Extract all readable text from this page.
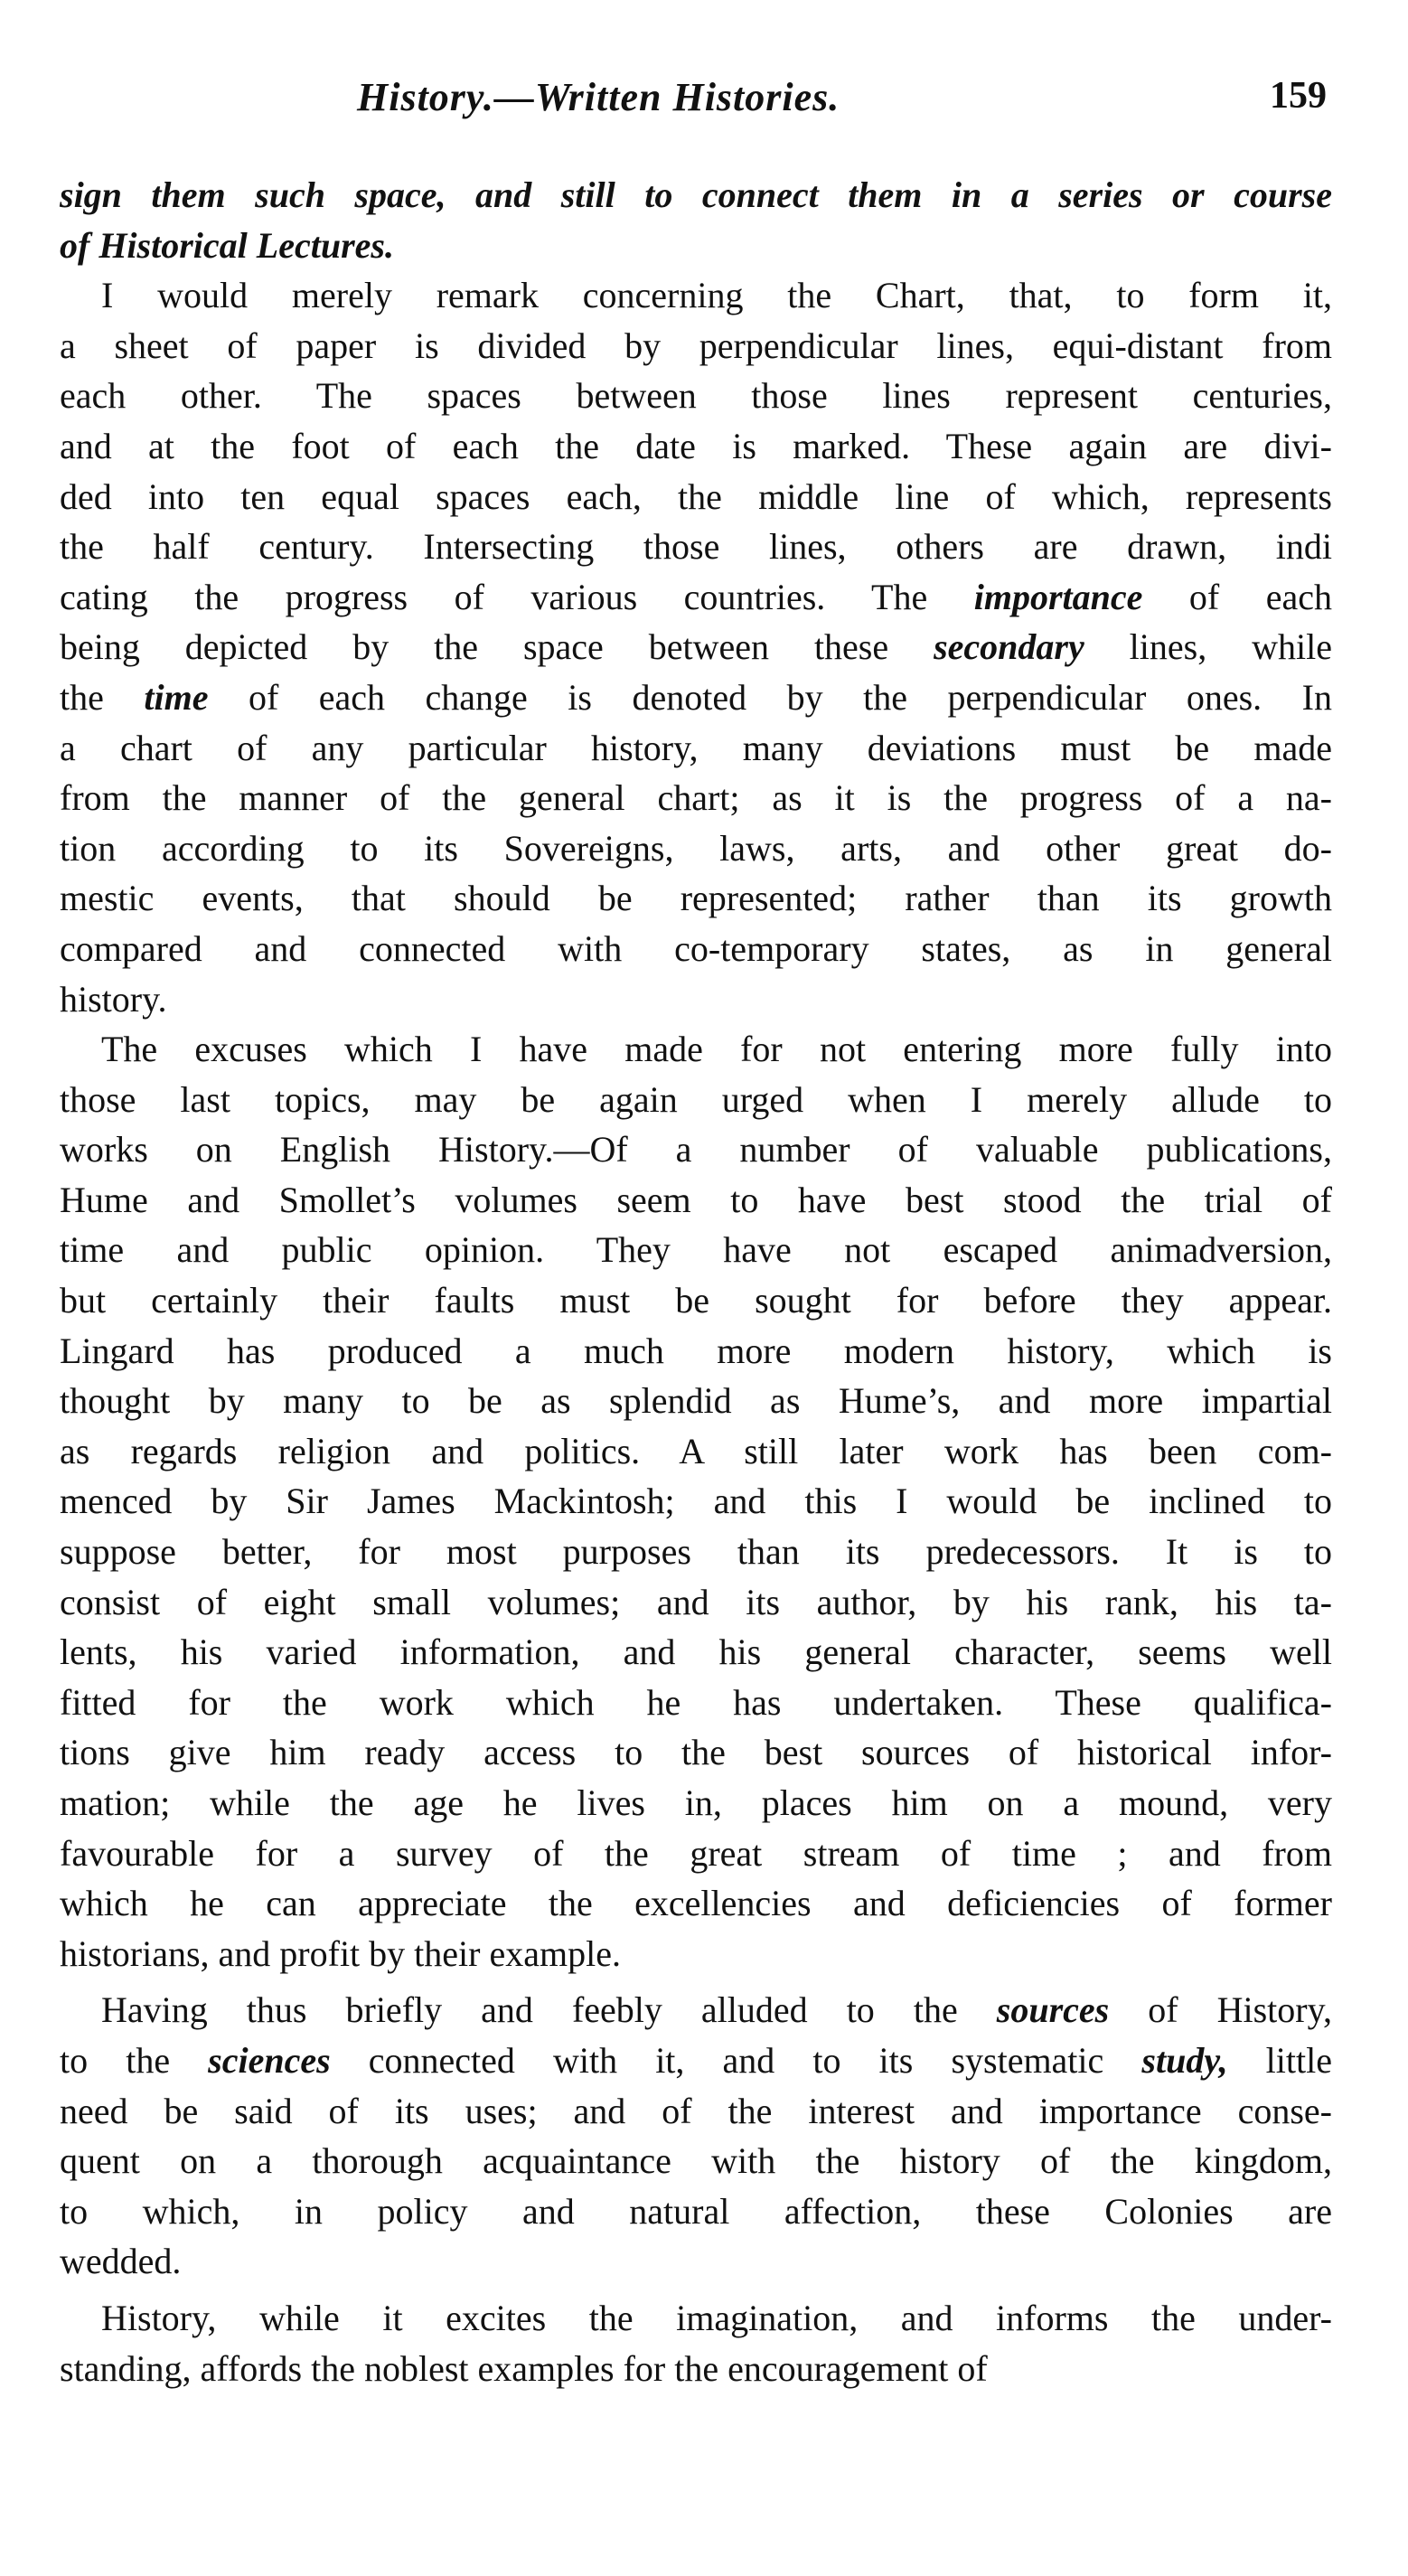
History.—Written Histories.	159
sign them such space, and still to connect them in a series or course
of Historical Lectures.
I would merely remark concerning the Chart, that, to form it,
a sheet of paper is divided by perpendicular lines, equi-distant from
each other. The spaces between those lines represent centuries,
and at the foot of each the date is marked. These again are divi-
ded into ten equal spaces each, the middle line of which, represents
the half century. Intersecting those lines, others are drawn, indi
cating the progress of various countries. The importance of each
being depicted by the space between these secondary lines, while
the time of each change is denoted by the perpendicular ones. In
a chart of any particular history, many deviations must be made
from the manner of the general chart; as it is the progress of a na-
tion according to its Sovereigns, laws, arts, and other great do-
mestic events, that should be represented; rather than its growth
compared and connected with co-temporary states, as in general
history.
The excuses which I have made for not entering more fully into
those last topics, may be again urged when I merely allude to
works on English History.—Of a number of valuable publications,
Hume and Smollet’s volumes seem to have best stood the trial of
time and public opinion. They have not escaped animadversion,
but certainly their faults must be sought for before they appear.
Lingard has produced a much more modern history, which is
thought by many to be as splendid as Hume’s, and more impartial
as regards religion and politics. A still later work has been com-
menced by Sir James Mackintosh; and this I would be inclined to
suppose better, for most purposes than its predecessors. It is to
consist of eight small volumes; and its author, by his rank, his ta-
lents, his varied information, and his general character, seems well
fitted for the work which he has undertaken. These qualifica-
tions give him ready access to the best sources of historical infor-
mation; while the age he lives in, places him on a mound, very
favourable for a survey of the great stream of time ; and from
which he can appreciate the excellencies and deficiencies of former
historians, and profit by their example.
Having thus briefly and feebly alluded to the sources of History,
to the sciences connected with it, and to its systematic study, little
need be said of its uses; and of the interest and importance conse-
quent on a thorough acquaintance with the history of the kingdom,
to which, in policy and natural affection, these Colonies are
wedded.
History, while it excites the imagination, and informs the under-
standing, affords the noblest examples for the encouragement of
